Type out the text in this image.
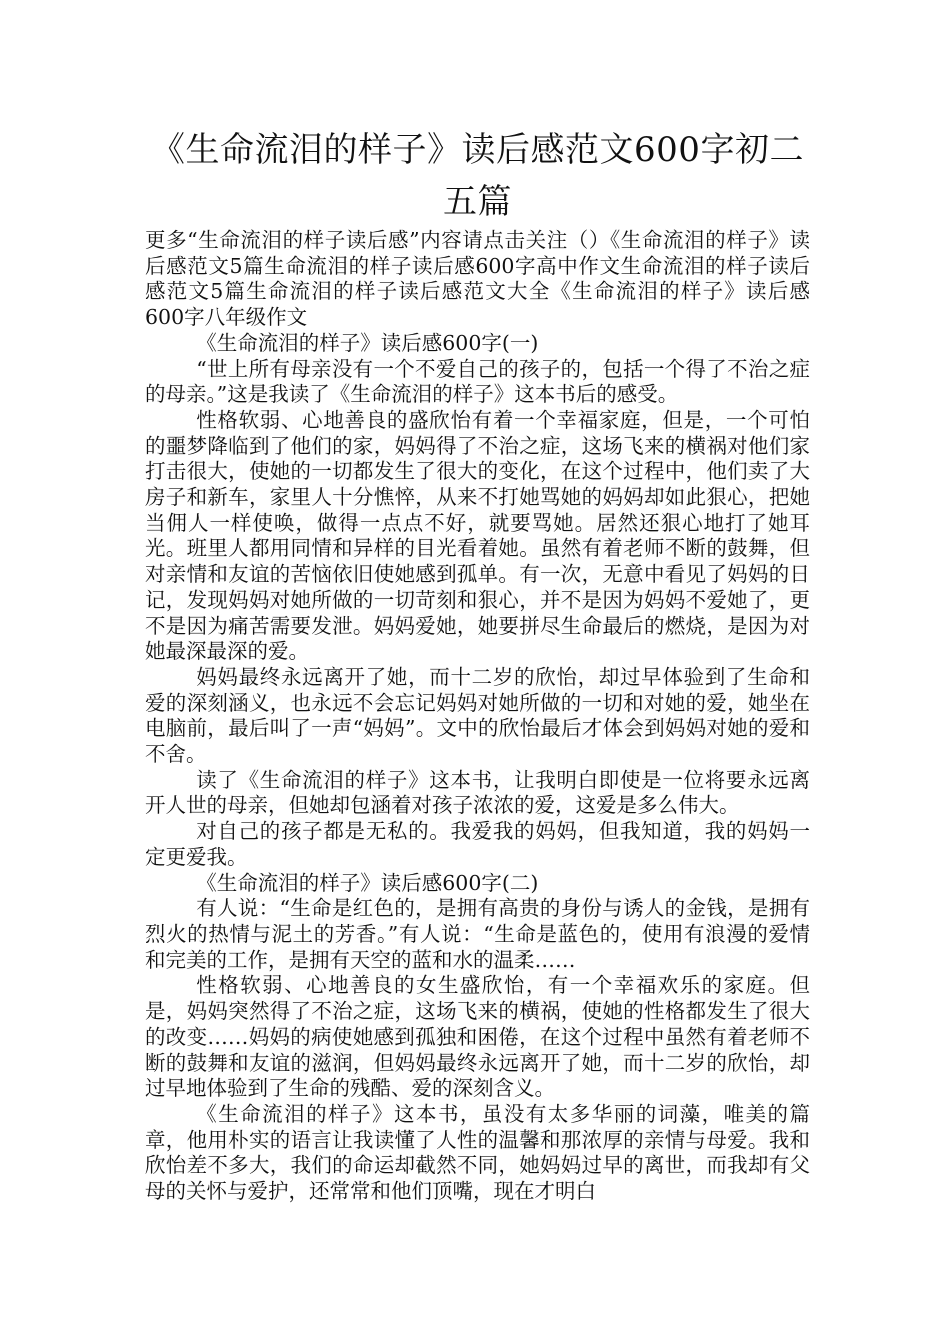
《生命流泪的样子》读后感范文600字初二五篇

更多“生命流泪的样子读后感”内容请点击关注（）《生命流泪的样子》读后感范文5篇生命流泪的样子读后感600字高中作文生命流泪的样子读后感范文5篇生命流泪的样子读后感范文大全《生命流泪的样子》读后感600字八年级作文

《生命流泪的样子》读后感600字(一)

“世上所有母亲没有一个不爱自己的孩子的，包括一个得了不治之症的母亲。”这是我读了《生命流泪的样子》这本书后的感受。

性格软弱、心地善良的盛欣怡有着一个幸福家庭，但是，一个可怕的噩梦降临到了他们的家，妈妈得了不治之症，这场飞来的横祸对他们家打击很大，使她的一切都发生了很大的变化，在这个过程中，他们卖了大房子和新车，家里人十分憔悴，从来不打她骂她的妈妈却如此狠心，把她当佣人一样使唤，做得一点点不好，就要骂她。居然还狠心地打了她耳光。班里人都用同情和异样的目光看着她。虽然有着老师不断的鼓舞，但对亲情和友谊的苦恼依旧使她感到孤单。有一次，无意中看见了妈妈的日记，发现妈妈对她所做的一切苛刻和狠心，并不是因为妈妈不爱她了，更不是因为痛苦需要发泄。妈妈爱她，她要拼尽生命最后的燃烧，是因为对她最深最深的爱。

妈妈最终永远离开了她，而十二岁的欣怡，却过早体验到了生命和爱的深刻涵义，也永远不会忘记妈妈对她所做的一切和对她的爱，她坐在电脑前，最后叫了一声“妈妈”。文中的欣怡最后才体会到妈妈对她的爱和不舍。

读了《生命流泪的样子》这本书，让我明白即使是一位将要永远离开人世的母亲，但她却包涵着对孩子浓浓的爱，这爱是多么伟大。

对自己的孩子都是无私的。我爱我的妈妈，但我知道，我的妈妈一定更爱我。

《生命流泪的样子》读后感600字(二)

有人说：“生命是红色的，是拥有高贵的身份与诱人的金钱，是拥有烈火的热情与泥土的芳香。”有人说：“生命是蓝色的，使用有浪漫的爱情和完美的工作，是拥有天空的蓝和水的温柔……

性格软弱、心地善良的女生盛欣怡，有一个幸福欢乐的家庭。但是，妈妈突然得了不治之症，这场飞来的横祸，使她的性格都发生了很大的改变……妈妈的病使她感到孤独和困倦，在这个过程中虽然有着老师不断的鼓舞和友谊的滋润，但妈妈最终永远离开了她，而十二岁的欣怡，却过早地体验到了生命的残酷、爱的深刻含义。

《生命流泪的样子》这本书，虽没有太多华丽的词藻，唯美的篇章，他用朴实的语言让我读懂了人性的温馨和那浓厚的亲情与母爱。我和欣怡差不多大，我们的命运却截然不同，她妈妈过早的离世，而我却有父母的关怀与爱护，还常常和他们顶嘴，现在才明白
